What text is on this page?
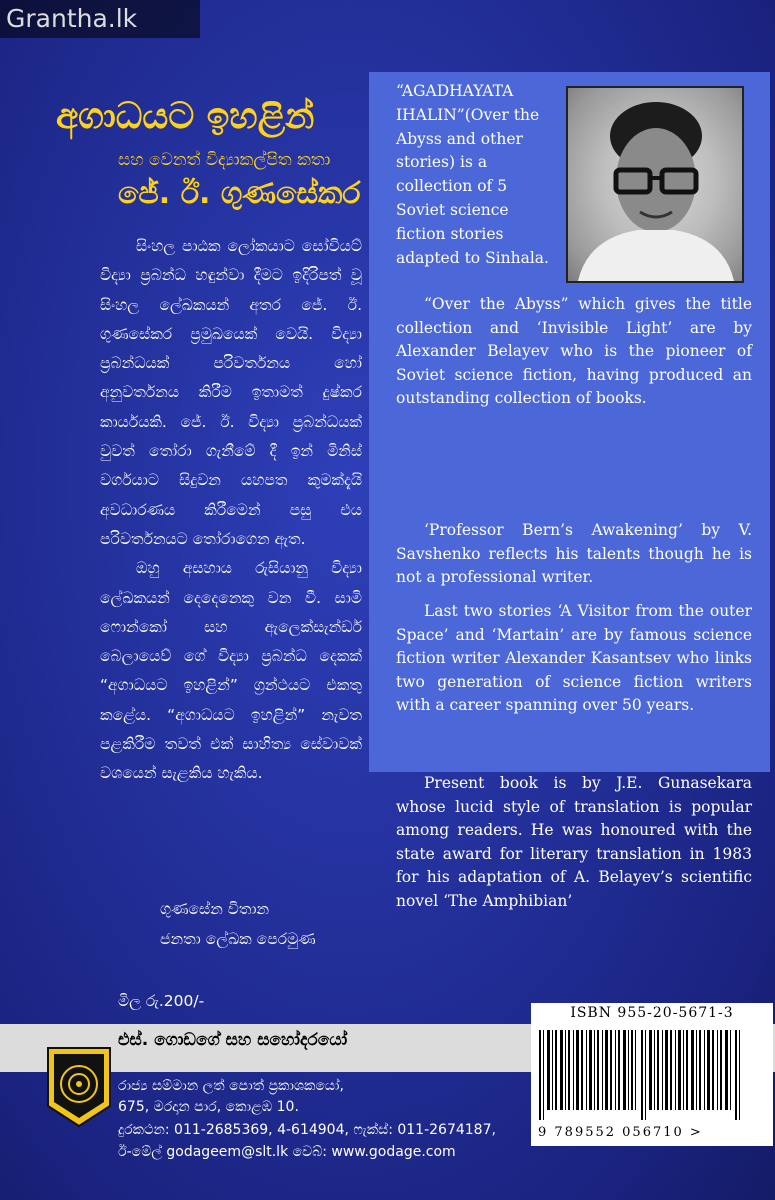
Grantha.lk
අගාධයට ඉහළින්
සහ වෙනත් විද්‍යාකල්පිත කතා
ජේ. ඊ. ගුණසේකර

සිංහල පාඨක ලෝකයාට සෝවියට් විද්‍යා ප්‍රබන්ධ හඳුන්වා දීමට ඉදිරිපත් වූ සිංහල ලේඛකයන් අතර ජේ. ඊ. ගුණසේකර ප්‍රමුඛයෙක් වෙයි. විද්‍යා ප්‍රබන්ධයක් පරිවර්තනය හෝ අනුවර්තනය කිරීම ඉතාමත් දුෂ්කර කාර්යයකි. ජේ. ඊ. විද්‍යා ප්‍රබන්ධයක් වුවත් තෝරා ගැනීමේ දී ඉන් මිනිස් වර්ගයාට සිදුවන යහපත කුමක්දැයි අවධාරණය කිරීමෙන් පසු එය පරිවර්තනයට තෝරාගෙන ඇත.

ඔහු අසහාය රුසියානු විද්‍යා ලේඛකයන් දෙදෙනෙකු වන වී. සාමි ෆොන්කෝ සහ ඇලෙක්සැන්ඩර් බෙලායෙව් ගේ විද්‍යා ප්‍රබන්ධ දෙකක් “අගාධයට ඉහළින්” ග්‍රන්ථයට එකතු කළේය. “අගාධයට ඉහළින්” නැවත පළකිරීම තවත් එක් සාහිත්‍ය සේවාවක් වශයෙන් සැළකිය හැකිය.

ගුණසේන විතාන
ජනතා ලේඛක පෙරමුණ
මිල රු.200/-
“AGADHAYATA IHALIN”(Over the Abyss and other stories) is a collection of 5 Soviet science fiction stories adapted to Sinhala.

“Over the Abyss” which gives the title collection and ‘Invisible Light’ are by Alexander Belayev who is the pioneer of Soviet science fiction, having produced an outstanding collection of books.

‘Professor Bern’s Awakening’ by V. Savshenko reflects his talents though he is not a professional writer.

Last two stories ‘A Visitor from the outer Space’ and ‘Martain’ are by famous science fiction writer Alexander Kasantsev who links two generation of science fiction writers with a career spanning over 50 years.

Present book is by J.E. Gunasekara whose lucid style of translation is popular among readers. He was honoured with the state award for literary translation in 1983 for his adaptation of A. Belayev’s scientific novel ‘The Amphibian’

ISBN 955-20-5671-3
එස්. ගොඩගේ සහ සහෝදරයෝ
රාජ්‍ය සම්මාන ලත් පොත් ප්‍රකාශකයෝ,
675, මරදාන පාර, කොළඹ 10.
දුරකථන: 011-2685369, 4-614904, ෆැක්ස්: 011-2674187,
ඊ-මේල් godageem@slt.lk වෙබ්: www.godage.com
9 789552 056710 >
